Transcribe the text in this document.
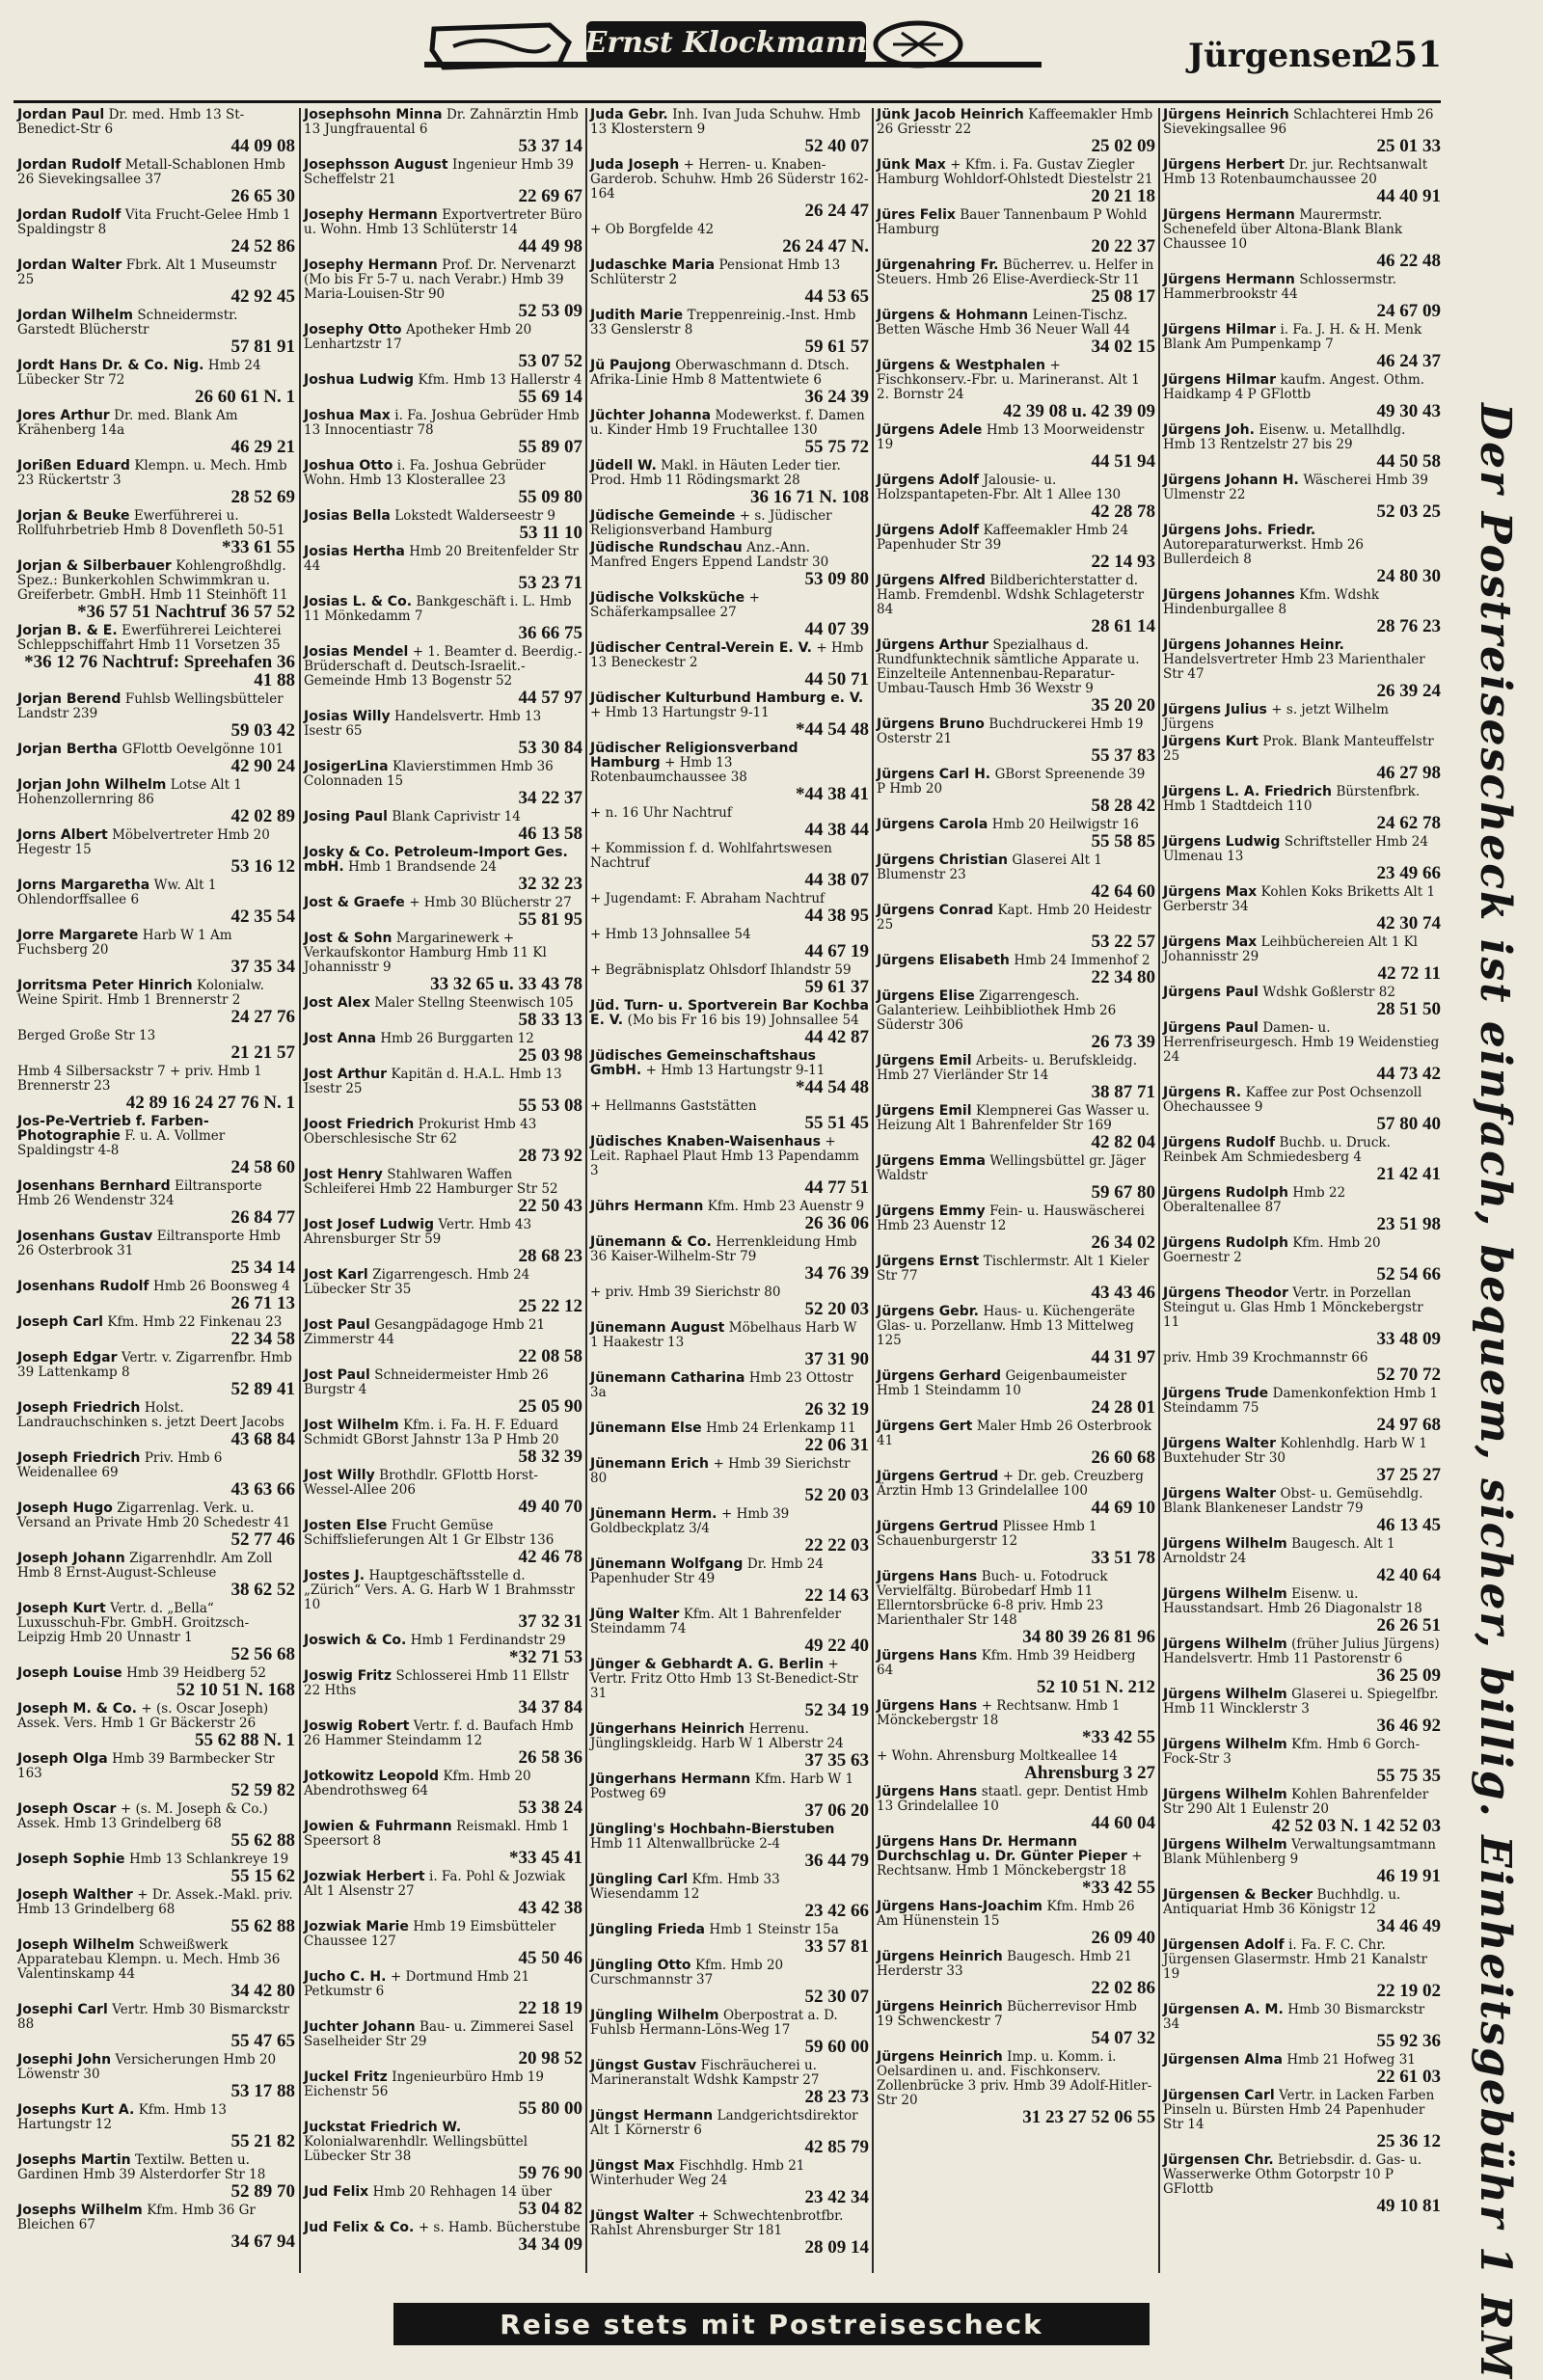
Ernst Klockmann	Jürgensen
251
Jordan Paul Dr. med. Hmb 13 St-Benedict-Str 6
44 09 08
Jordan Rudolf Metall-Schablonen Hmb 26 Sievekingsallee 37
26 65 30
Jordan Rudolf Vita Frucht-Gelee Hmb 1 Spaldingstr 8
24 52 86
Jordan Walter Fbrk. Alt 1 Museumstr 25
42 92 45
Jordan Wilhelm Schneidermstr. Garstedt Blücherstr
57 81 91
Jordt Hans Dr. & Co. Nig. Hmb 24 Lübecker Str 72
26 60 61 N. 1
Jores Arthur Dr. med. Blank Am Krähenberg 14a
46 29 21
Jorißen Eduard Klempn. u. Mech. Hmb 23 Rückertstr 3
28 52 69
Jorjan & Beuke Ewerführerei u. Rollfuhrbetrieb Hmb 8 Dovenfleth 50-51
*33 61 55
Jorjan & Silberbauer Kohlengroßhdlg. Spez.: Bunkerkohlen Schwimmkran u. Greiferbetr. GmbH. Hmb 11 Steinhöft 11
*36 57 51 Nachtruf 36 57 52
Jorjan B. & E. Ewerführerei Leichterei Schleppschiffahrt Hmb 11 Vorsetzen 35
*36 12 76 Nachtruf: Spreehafen 36 41 88
Jorjan Berend Fuhlsb Wellingsbütteler Landstr 239
59 03 42
Jorjan Bertha GFlottb Oevelgönne 101
42 90 24
Jorjan John Wilhelm Lotse Alt 1 Hohenzollernring 86
42 02 89
Jorns Albert Möbelvertreter Hmb 20 Hegestr 15
53 16 12
Jorns Margaretha Ww. Alt 1 Ohlendorffsallee 6
42 35 54
Jorre Margarete Harb W 1 Am Fuchsberg 20
37 35 34
Jorritsma Peter Hinrich Kolonialw. Weine Spirit. Hmb 1 Brennerstr 2
24 27 76
Berged Große Str 13
21 21 57
Hmb 4 Silbersackstr 7 + priv. Hmb 1 Brennerstr 23
42 89 16 24 27 76 N. 1
Jos-Pe-Vertrieb f. Farben-Photographie F. u. A. Vollmer Spaldingstr 4-8
24 58 60
Josenhans Bernhard Eiltransporte Hmb 26 Wendenstr 324
26 84 77
Josenhans Gustav Eiltransporte Hmb 26 Osterbrook 31
25 34 14
Josenhans Rudolf Hmb 26 Boonsweg 4
26 71 13
Joseph Carl Kfm. Hmb 22 Finkenau 23
22 34 58
Joseph Edgar Vertr. v. Zigarrenfbr. Hmb 39 Lattenkamp 8
52 89 41
Joseph Friedrich Holst. Landrauchschinken s. jetzt Deert Jacobs
43 68 84
Joseph Friedrich Priv. Hmb 6 Weidenallee 69
43 63 66
Joseph Hugo Zigarrenlag. Verk. u. Versand an Private Hmb 20 Schedestr 41
52 77 46
Joseph Johann Zigarrenhdlr. Am Zoll Hmb 8 Ernst-August-Schleuse
38 62 52
Joseph Kurt Vertr. d. „Bella“ Luxusschuh-Fbr. GmbH. Groitzsch-Leipzig Hmb 20 Unnastr 1
52 56 68
Joseph Louise Hmb 39 Heidberg 52
52 10 51 N. 168
Joseph M. & Co. + (s. Oscar Joseph) Assek. Vers. Hmb 1 Gr Bäckerstr 26
55 62 88 N. 1
Joseph Olga Hmb 39 Barmbecker Str 163
52 59 82
Joseph Oscar + (s. M. Joseph & Co.) Assek. Hmb 13 Grindelberg 68
55 62 88
Joseph Sophie Hmb 13 Schlankreye 19
55 15 62
Joseph Walther + Dr. Assek.-Makl. priv. Hmb 13 Grindelberg 68
55 62 88
Joseph Wilhelm Schweißwerk Apparatebau Klempn. u. Mech. Hmb 36 Valentinskamp 44
34 42 80
Josephi Carl Vertr. Hmb 30 Bismarckstr 88
55 47 65
Josephi John Versicherungen Hmb 20 Löwenstr 30
53 17 88
Josephs Kurt A. Kfm. Hmb 13 Hartungstr 12
55 21 82
Josephs Martin Textilw. Betten u. Gardinen Hmb 39 Alsterdorfer Str 18
52 89 70
Josephs Wilhelm Kfm. Hmb 36 Gr Bleichen 67
34 67 94
Josephsohn Minna Dr. Zahnärztin Hmb 13 Jungfrauental 6
53 37 14
Josephsson August Ingenieur Hmb 39 Scheffelstr 21
22 69 67
Josephy Hermann Exportvertreter Büro u. Wohn. Hmb 13 Schlüterstr 14
44 49 98
Josephy Hermann Prof. Dr. Nervenarzt (Mo bis Fr 5-7 u. nach Verabr.) Hmb 39 Maria-Louisen-Str 90
52 53 09
Josephy Otto Apotheker Hmb 20 Lenhartzstr 17
53 07 52
Joshua Ludwig Kfm. Hmb 13 Hallerstr 4
55 69 14
Joshua Max i. Fa. Joshua Gebrüder Hmb 13 Innocentiastr 78
55 89 07
Joshua Otto i. Fa. Joshua Gebrüder Wohn. Hmb 13 Klosterallee 23
55 09 80
Josias Bella Lokstedt Walderseestr 9
53 11 10
Josias Hertha Hmb 20 Breitenfelder Str 44
53 23 71
Josias L. & Co. Bankgeschäft i. L. Hmb 11 Mönkedamm 7
36 66 75
Josias Mendel + 1. Beamter d. Beerdig.-Brüderschaft d. Deutsch-Israelit.-Gemeinde Hmb 13 Bogenstr 52
44 57 97
Josias Willy Handelsvertr. Hmb 13 Isestr 65
53 30 84
JosigerLina Klavierstimmen Hmb 36 Colonnaden 15
34 22 37
Josing Paul Blank Caprivistr 14
46 13 58
Josky & Co. Petroleum-Import Ges. mbH. Hmb 1 Brandsende 24
32 32 23
Jost & Graefe + Hmb 30 Blücherstr 27
55 81 95
Jost & Sohn Margarinewerk + Verkaufskontor Hamburg Hmb 11 Kl Johannisstr 9
33 32 65 u. 33 43 78
Jost Alex Maler Stellng Steenwisch 105
58 33 13
Jost Anna Hmb 26 Burggarten 12
25 03 98
Jost Arthur Kapitän d. H.A.L. Hmb 13 Isestr 25
55 53 08
Joost Friedrich Prokurist Hmb 43 Oberschlesische Str 62
28 73 92
Jost Henry Stahlwaren Waffen Schleiferei Hmb 22 Hamburger Str 52
22 50 43
Jost Josef Ludwig Vertr. Hmb 43 Ahrensburger Str 59
28 68 23
Jost Karl Zigarrengesch. Hmb 24 Lübecker Str 35
25 22 12
Jost Paul Gesangpädagoge Hmb 21 Zimmerstr 44
22 08 58
Jost Paul Schneidermeister Hmb 26 Burgstr 4
25 05 90
Jost Wilhelm Kfm. i. Fa. H. F. Eduard Schmidt GBorst Jahnstr 13a P Hmb 20
58 32 39
Jost Willy Brothdlr. GFlottb Horst-Wessel-Allee 206
49 40 70
Josten Else Frucht Gemüse Schiffslieferungen Alt 1 Gr Elbstr 136
42 46 78
Jostes J. Hauptgeschäftsstelle d. „Zürich“ Vers. A. G. Harb W 1 Brahmsstr 10
37 32 31
Joswich & Co. Hmb 1 Ferdinandstr 29
*32 71 53
Joswig Fritz Schlosserei Hmb 11 Ellstr 22 Hths
34 37 84
Joswig Robert Vertr. f. d. Baufach Hmb 26 Hammer Steindamm 12
26 58 36
Jotkowitz Leopold Kfm. Hmb 20 Abendrothsweg 64
53 38 24
Jowien & Fuhrmann Reismakl. Hmb 1 Speersort 8
*33 45 41
Jozwiak Herbert i. Fa. Pohl & Jozwiak Alt 1 Alsenstr 27
43 42 38
Jozwiak Marie Hmb 19 Eimsbütteler Chaussee 127
45 50 46
Jucho C. H. + Dortmund Hmb 21 Petkumstr 6
22 18 19
Juchter Johann Bau- u. Zimmerei Sasel Saselheider Str 29
20 98 52
Juckel Fritz Ingenieurbüro Hmb 19 Eichenstr 56
55 80 00
Juckstat Friedrich W. Kolonialwarenhdlr. Wellingsbüttel Lübecker Str 38
59 76 90
Jud Felix Hmb 20 Rehhagen 14 über
53 04 82
Jud Felix & Co. + s. Hamb. Bücherstube
34 34 09
Juda Gebr. Inh. Ivan Juda Schuhw. Hmb 13 Klosterstern 9
52 40 07
Juda Joseph + Herren- u. Knaben-Garderob. Schuhw. Hmb 26 Süderstr 162-164
26 24 47
+ Ob Borgfelde 42
26 24 47 N.
Judaschke Maria Pensionat Hmb 13 Schlüterstr 2
44 53 65
Judith Marie Treppenreinig.-Inst. Hmb 33 Genslerstr 8
59 61 57
Jü Paujong Oberwaschmann d. Dtsch. Afrika-Linie Hmb 8 Mattentwiete 6
36 24 39
Jüchter Johanna Modewerkst. f. Damen u. Kinder Hmb 19 Fruchtallee 130
55 75 72
Jüdell W. Makl. in Häuten Leder tier. Prod. Hmb 11 Rödingsmarkt 28
36 16 71 N. 108
Jüdische Gemeinde + s. Jüdischer Religionsverband Hamburg
Jüdische Rundschau Anz.-Ann. Manfred Engers Eppend Landstr 30
53 09 80
Jüdische Volksküche + Schäferkampsallee 27
44 07 39
Jüdischer Central-Verein E. V. + Hmb 13 Beneckestr 2
44 50 71
Jüdischer Kulturbund Hamburg e. V. + Hmb 13 Hartungstr 9-11
*44 54 48
Jüdischer Religionsverband Hamburg + Hmb 13 Rotenbaumchaussee 38
*44 38 41
+ n. 16 Uhr Nachtruf
44 38 44
+ Kommission f. d. Wohlfahrtswesen Nachtruf
44 38 07
+ Jugendamt: F. Abraham Nachtruf
44 38 95
+ Hmb 13 Johnsallee 54
44 67 19
+ Begräbnisplatz Ohlsdorf Ihlandstr 59
59 61 37
Jüd. Turn- u. Sportverein Bar Kochba E. V. (Mo bis Fr 16 bis 19) Johnsallee 54
44 42 87
Jüdisches Gemeinschaftshaus GmbH. + Hmb 13 Hartungstr 9-11
*44 54 48
+ Hellmanns Gaststätten
55 51 45
Jüdisches Knaben-Waisenhaus + Leit. Raphael Plaut Hmb 13 Papendamm 3
44 77 51
Jührs Hermann Kfm. Hmb 23 Auenstr 9
26 36 06
Jünemann & Co. Herrenkleidung Hmb 36 Kaiser-Wilhelm-Str 79
34 76 39
+ priv. Hmb 39 Sierichstr 80
52 20 03
Jünemann August Möbelhaus Harb W 1 Haakestr 13
37 31 90
Jünemann Catharina Hmb 23 Ottostr 3a
26 32 19
Jünemann Else Hmb 24 Erlenkamp 11
22 06 31
Jünemann Erich + Hmb 39 Sierichstr 80
52 20 03
Jünemann Herm. + Hmb 39 Goldbeckplatz 3/4
22 22 03
Jünemann Wolfgang Dr. Hmb 24 Papenhuder Str 49
22 14 63
Jüng Walter Kfm. Alt 1 Bahrenfelder Steindamm 74
49 22 40
Jünger & Gebhardt A. G. Berlin + Vertr. Fritz Otto Hmb 13 St-Benedict-Str 31
52 34 19
Jüngerhans Heinrich Herrenu. Jünglingskleidg. Harb W 1 Alberstr 24
37 35 63
Jüngerhans Hermann Kfm. Harb W 1 Postweg 69
37 06 20
Jüngling's Hochbahn-Bierstuben Hmb 11 Altenwallbrücke 2-4
36 44 79
Jüngling Carl Kfm. Hmb 33 Wiesendamm 12
23 42 66
Jüngling Frieda Hmb 1 Steinstr 15a
33 57 81
Jüngling Otto Kfm. Hmb 20 Curschmannstr 37
52 30 07
Jüngling Wilhelm Oberpostrat a. D. Fuhlsb Hermann-Löns-Weg 17
59 60 00
Jüngst Gustav Fischräucherei u. Marineranstalt Wdshk Kampstr 27
28 23 73
Jüngst Hermann Landgerichtsdirektor Alt 1 Körnerstr 6
42 85 79
Jüngst Max Fischhdlg. Hmb 21 Winterhuder Weg 24
23 42 34
Jüngst Walter + Schwechtenbrotfbr. Rahlst Ahrensburger Str 181
28 09 14
Jünk Jacob Heinrich Kaffeemakler Hmb 26 Griesstr 22
25 02 09
Jünk Max + Kfm. i. Fa. Gustav Ziegler Hamburg Wohldorf-Ohlstedt Diestelstr 21
20 21 18
Jüres Felix Bauer Tannenbaum P Wohld Hamburg
20 22 37
Jürgenahring Fr. Bücherrev. u. Helfer in Steuers. Hmb 26 Elise-Averdieck-Str 11
25 08 17
Jürgens & Hohmann Leinen-Tischz. Betten Wäsche Hmb 36 Neuer Wall 44
34 02 15
Jürgens & Westphalen + Fischkonserv.-Fbr. u. Marineranst. Alt 1 2. Bornstr 24
42 39 08 u. 42 39 09
Jürgens Adele Hmb 13 Moorweidenstr 19
44 51 94
Jürgens Adolf Jalousie- u. Holzspantapeten-Fbr. Alt 1 Allee 130
42 28 78
Jürgens Adolf Kaffeemakler Hmb 24 Papenhuder Str 39
22 14 93
Jürgens Alfred Bildberichterstatter d. Hamb. Fremdenbl. Wdshk Schlageterstr 84
28 61 14
Jürgens Arthur Spezialhaus d. Rundfunktechnik sämtliche Apparate u. Einzelteile Antennenbau-Reparatur-Umbau-Tausch Hmb 36 Wexstr 9
35 20 20
Jürgens Bruno Buchdruckerei Hmb 19 Osterstr 21
55 37 83
Jürgens Carl H. GBorst Spreenende 39 P Hmb 20
58 28 42
Jürgens Carola Hmb 20 Heilwigstr 16
55 58 85
Jürgens Christian Glaserei Alt 1 Blumenstr 23
42 64 60
Jürgens Conrad Kapt. Hmb 20 Heidestr 25
53 22 57
Jürgens Elisabeth Hmb 24 Immenhof 2
22 34 80
Jürgens Elise Zigarrengesch. Galanteriew. Leihbibliothek Hmb 26 Süderstr 306
26 73 39
Jürgens Emil Arbeits- u. Berufskleidg. Hmb 27 Vierländer Str 14
38 87 71
Jürgens Emil Klempnerei Gas Wasser u. Heizung Alt 1 Bahrenfelder Str 169
42 82 04
Jürgens Emma Wellingsbüttel gr. Jäger Waldstr
59 67 80
Jürgens Emmy Fein- u. Hauswäscherei Hmb 23 Auenstr 12
26 34 02
Jürgens Ernst Tischlermstr. Alt 1 Kieler Str 77
43 43 46
Jürgens Gebr. Haus- u. Küchengeräte Glas- u. Porzellanw. Hmb 13 Mittelweg 125
44 31 97
Jürgens Gerhard Geigenbaumeister Hmb 1 Steindamm 10
24 28 01
Jürgens Gert Maler Hmb 26 Osterbrook 41
26 60 68
Jürgens Gertrud + Dr. geb. Creuzberg Ärztin Hmb 13 Grindelallee 100
44 69 10
Jürgens Gertrud Plissee Hmb 1 Schauenburgerstr 12
33 51 78
Jürgens Hans Buch- u. Fotodruck Vervielfältg. Bürobedarf Hmb 11 Ellerntorsbrücke 6-8 priv. Hmb 23 Marienthaler Str 148
34 80 39 26 81 96
Jürgens Hans Kfm. Hmb 39 Heidberg 64
52 10 51 N. 212
Jürgens Hans + Rechtsanw. Hmb 1 Mönckebergstr 18
*33 42 55
+ Wohn. Ahrensburg Moltkeallee 14
Ahrensburg 3 27
Jürgens Hans staatl. gepr. Dentist Hmb 13 Grindelallee 10
44 60 04
Jürgens Hans Dr. Hermann Durchschlag u. Dr. Günter Pieper + Rechtsanw. Hmb 1 Mönckebergstr 18
*33 42 55
Jürgens Hans-Joachim Kfm. Hmb 26 Am Hünenstein 15
26 09 40
Jürgens Heinrich Baugesch. Hmb 21 Herderstr 33
22 02 86
Jürgens Heinrich Bücherrevisor Hmb 19 Schwenckestr 7
54 07 32
Jürgens Heinrich Imp. u. Komm. i. Oelsardinen u. and. Fischkonserv. Zollenbrücke 3 priv. Hmb 39 Adolf-Hitler-Str 20
31 23 27 52 06 55
Jürgens Heinrich Schlachterei Hmb 26 Sievekingsallee 96
25 01 33
Jürgens Herbert Dr. jur. Rechtsanwalt Hmb 13 Rotenbaumchaussee 20
44 40 91
Jürgens Hermann Maurermstr. Schenefeld über Altona-Blank Blank Chaussee 10
46 22 48
Jürgens Hermann Schlossermstr. Hammerbrookstr 44
24 67 09
Jürgens Hilmar i. Fa. J. H. & H. Menk Blank Am Pumpenkamp 7
46 24 37
Jürgens Hilmar kaufm. Angest. Othm. Haidkamp 4 P GFlottb
49 30 43
Jürgens Joh. Eisenw. u. Metallhdlg. Hmb 13 Rentzelstr 27 bis 29
44 50 58
Jürgens Johann H. Wäscherei Hmb 39 Ulmenstr 22
52 03 25
Jürgens Johs. Friedr. Autoreparaturwerkst. Hmb 26 Bullerdeich 8
24 80 30
Jürgens Johannes Kfm. Wdshk Hindenburgallee 8
28 76 23
Jürgens Johannes Heinr. Handelsvertreter Hmb 23 Marienthaler Str 47
26 39 24
Jürgens Julius + s. jetzt Wilhelm Jürgens
Jürgens Kurt Prok. Blank Manteuffelstr 25
46 27 98
Jürgens L. A. Friedrich Bürstenfbrk. Hmb 1 Stadtdeich 110
24 62 78
Jürgens Ludwig Schriftsteller Hmb 24 Ulmenau 13
23 49 66
Jürgens Max Kohlen Koks Briketts Alt 1 Gerberstr 34
42 30 74
Jürgens Max Leihbüchereien Alt 1 Kl Johannisstr 29
42 72 11
Jürgens Paul Wdshk Goßlerstr 82
28 51 50
Jürgens Paul Damen- u. Herrenfriseurgesch. Hmb 19 Weidenstieg 24
44 73 42
Jürgens R. Kaffee zur Post Ochsenzoll Ohechaussee 9
57 80 40
Jürgens Rudolf Buchb. u. Druck. Reinbek Am Schmiedesberg 4
21 42 41
Jürgens Rudolph Hmb 22 Oberaltenallee 87
23 51 98
Jürgens Rudolph Kfm. Hmb 20 Goernestr 2
52 54 66
Jürgens Theodor Vertr. in Porzellan Steingut u. Glas Hmb 1 Mönckebergstr 11
33 48 09
priv. Hmb 39 Krochmannstr 66
52 70 72
Jürgens Trude Damenkonfektion Hmb 1 Steindamm 75
24 97 68
Jürgens Walter Kohlenhdlg. Harb W 1 Buxtehuder Str 30
37 25 27
Jürgens Walter Obst- u. Gemüsehdlg. Blank Blankeneser Landstr 79
46 13 45
Jürgens Wilhelm Baugesch. Alt 1 Arnoldstr 24
42 40 64
Jürgens Wilhelm Eisenw. u. Hausstandsart. Hmb 26 Diagonalstr 18
26 26 51
Jürgens Wilhelm (früher Julius Jürgens) Handelsvertr. Hmb 11 Pastorenstr 6
36 25 09
Jürgens Wilhelm Glaserei u. Spiegelfbr. Hmb 11 Wincklerstr 3
36 46 92
Jürgens Wilhelm Kfm. Hmb 6 Gorch-Fock-Str 3
55 75 35
Jürgens Wilhelm Kohlen Bahrenfelder Str 290 Alt 1 Eulenstr 20
42 52 03 N. 1 42 52 03
Jürgens Wilhelm Verwaltungsamtmann Blank Mühlenberg 9
46 19 91
Jürgensen & Becker Buchhdlg. u. Antiquariat Hmb 36 Königstr 12
34 46 49
Jürgensen Adolf i. Fa. F. C. Chr. Jürgensen Glasermstr. Hmb 21 Kanalstr 19
22 19 02
Jürgensen A. M. Hmb 30 Bismarckstr 34
55 92 36
Jürgensen Alma Hmb 21 Hofweg 31
22 61 03
Jürgensen Carl Vertr. in Lacken Farben Pinseln u. Bürsten Hmb 24 Papenhuder Str 14
25 36 12
Jürgensen Chr. Betriebsdir. d. Gas- u. Wasserwerke Othm Gotorpstr 10 P GFlottb
49 10 81 Der Postreisescheck ist einfach, bequem, sicher, billig. Einheitsgebühr 1 RM
Reise stets mit Postreisescheck
